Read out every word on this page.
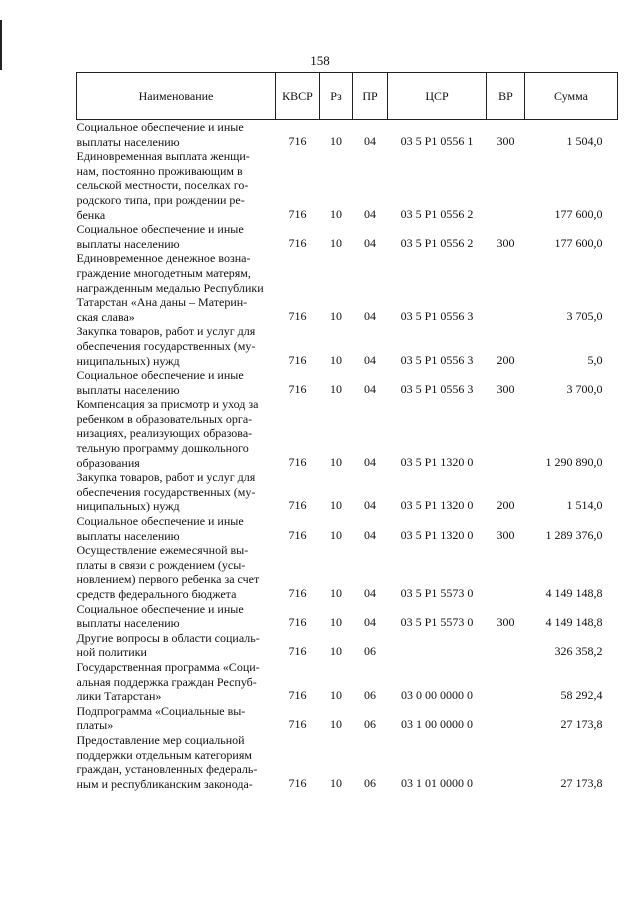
158
Наименование	КВСР	Рз	ПР	ЦСР	ВР	Сумма

Социальное обеспечение и иные
выплаты населению	716	10	04	03 5 P1 0556 1	300	1 504,0

Единовременная выплата женщи-
нам, постоянно проживающим в
сельской местности, поселках го-
родского типа, при рождении ре-
бенка	716	10	04	03 5 P1 0556 2		177 600,0

Социальное обеспечение и иные
выплаты населению	716	10	04	03 5 P1 0556 2	300	177 600,0

Единовременное денежное возна-
граждение многодетным матерям,
награжденным медалью Республики
Татарстан «Ана даны – Материн-
ская слава»	716	10	04	03 5 P1 0556 3		3 705,0

Закупка товаров, работ и услуг для
обеспечения государственных (му-
ниципальных) нужд	716	10	04	03 5 P1 0556 3	200	5,0

Социальное обеспечение и иные
выплаты населению	716	10	04	03 5 P1 0556 3	300	3 700,0

Компенсация за присмотр и уход за
ребенком в образовательных орга-
низациях, реализующих образова-
тельную программу дошкольного
образования	716	10	04	03 5 P1 1320 0		1 290 890,0

Закупка товаров, работ и услуг для
обеспечения государственных (му-
ниципальных) нужд	716	10	04	03 5 P1 1320 0	200	1 514,0

Социальное обеспечение и иные
выплаты населению	716	10	04	03 5 P1 1320 0	300	1 289 376,0

Осуществление ежемесячной вы-
платы в связи с рождением (усы-
новлением) первого ребенка за счет
средств федерального бюджета	716	10	04	03 5 P1 5573 0		4 149 148,8

Социальное обеспечение и иные
выплаты населению	716	10	04	03 5 P1 5573 0	300	4 149 148,8

Другие вопросы в области социаль-
ной политики	716	10	06			326 358,2

Государственная программа «Соци-
альная поддержка граждан Респуб-
лики Татарстан»	716	10	06	03 0 00 0000 0		58 292,4

Подпрограмма «Социальные вы-
платы»	716	10	06	03 1 00 0000 0		27 173,8

Предоставление мер социальной
поддержки отдельным категориям
граждан, установленных федераль-
ным и республиканским законода-	716	10	06	03 1 01 0000 0		27 173,8
